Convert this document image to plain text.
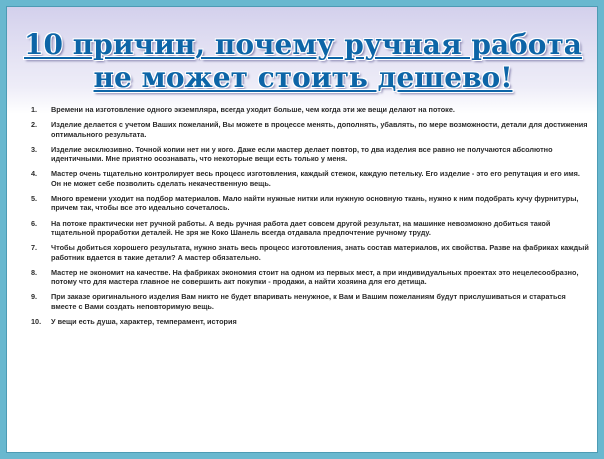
10 причин, почему ручная работа
не может стоить дешево!
1. Времени на изготовление одного экземпляра, всегда уходит больше, чем когда эти же вещи делают на потоке.
2. Изделие делается с учетом Ваших пожеланий, Вы можете в процессе менять, дополнять, убавлять, по мере возможности, детали для достижения оптимального результата.
3. Изделие эксклюзивно. Точной копии нет ни у кого. Даже если мастер делает повтор, то два изделия все равно не получаются абсолютно идентичными. Мне приятно осознавать, что некоторые вещи есть только у меня.
4. Мастер очень тщательно контролирует весь процесс изготовления, каждый стежок, каждую петельку. Его изделие - это его репутация и его имя. Он не может себе позволить сделать некачественную вещь.
5. Много времени уходит на подбор материалов. Мало найти нужные нитки или нужную основную ткань, нужно к ним подобрать кучу фурнитуры, причем так, чтобы все это идеально сочеталось.
6. На потоке практически нет ручной работы. А ведь ручная работа дает совсем другой результат, на машинке невозможно добиться такой тщательной проработки деталей. Не зря же Коко Шанель всегда отдавала предпочтение ручному труду.
7. Чтобы добиться хорошего результата, нужно знать весь процесс изготовления, знать состав материалов, их свойства. Разве на фабриках каждый работник вдается в такие детали? А мастер обязательно.
8. Мастер не экономит на качестве. На фабриках экономия стоит на одном из первых мест, а при индивидуальных проектах это нецелесообразно, потому что для мастера главное не совершить акт покупки - продажи, а найти хозяина для его детища.
9. При заказе оригинального изделия Вам никто не будет впаривать ненужное, к Вам и Вашим пожеланиям будут прислушиваться и стараться вместе с Вами создать неповторимую вещь.
10. У вещи есть душа, характер, темперамент, история
